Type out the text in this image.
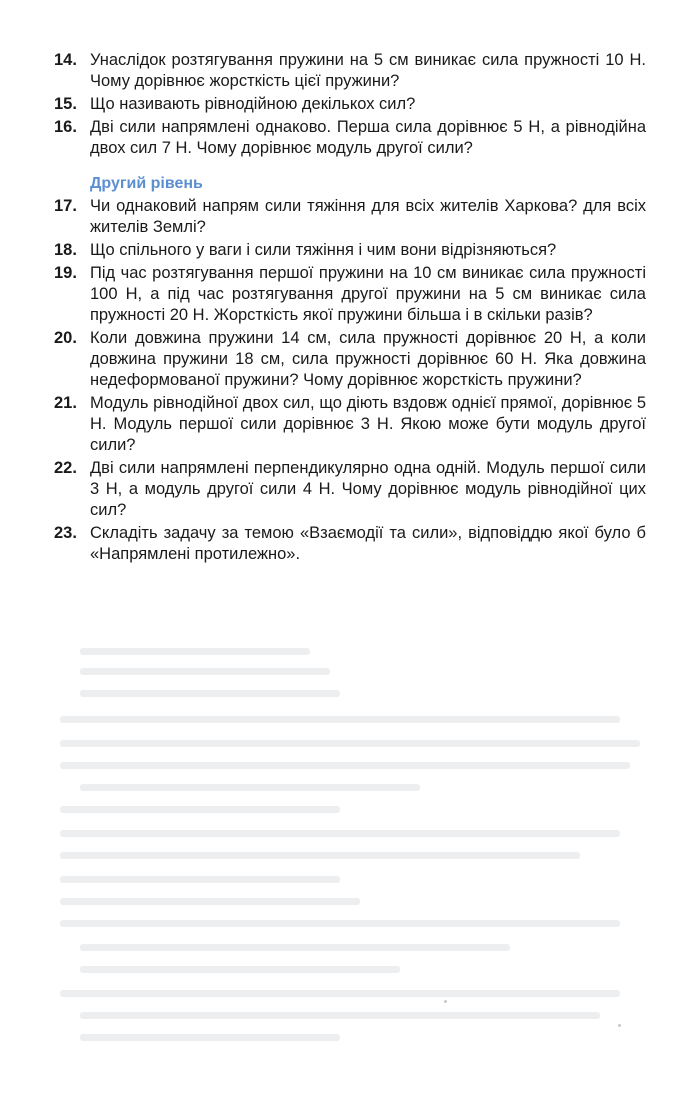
14. Унаслідок розтягування пружини на 5 см виникає сила пружності 10 Н. Чому дорівнює жорсткість цієї пружини?
15. Що називають рівнодійною декількох сил?
16. Дві сили напрямлені однаково. Перша сила дорівнює 5 Н, а рівнодійна двох сил 7 Н. Чому дорівнює модуль другої сили?
Другий рівень
17. Чи однаковий напрям сили тяжіння для всіх жителів Харкова? для всіх жителів Землі?
18. Що спільного у ваги і сили тяжіння і чим вони відрізняються?
19. Під час розтягування першої пружини на 10 см виникає сила пружності 100 Н, а під час розтягування другої пружини на 5 см виникає сила пружності 20 Н. Жорсткість якої пружини більша і в скільки разів?
20. Коли довжина пружини 14 см, сила пружності дорівнює 20 Н, а коли довжина пружини 18 см, сила пружності дорівнює 60 Н. Яка довжина недеформованої пружини? Чому дорівнює жорсткість пружини?
21. Модуль рівнодійної двох сил, що діють вздовж однієї прямої, дорівнює 5 Н. Модуль першої сили дорівнює 3 Н. Якою може бути модуль другої сили?
22. Дві сили напрямлені перпендикулярно одна одній. Модуль першої сили 3 Н, а модуль другої сили 4 Н. Чому дорівнює модуль рівнодійної цих сил?
23. Складіть задачу за темою «Взаємодії та сили», відповіддю якої було б «Напрямлені протилежно».
